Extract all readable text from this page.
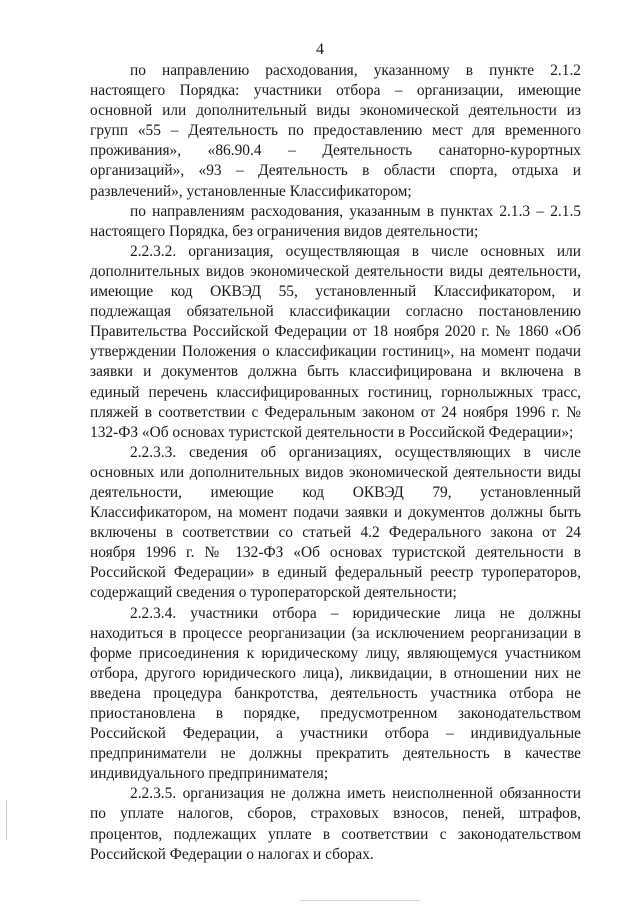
4

по направлению расходования, указанному в пункте 2.1.2 настоящего Порядка: участники отбора – организации, имеющие основной или дополнительный виды экономической деятельности из групп «55 – Деятельность по предоставлению мест для временного проживания», «86.90.4 – Деятельность санаторно-курортных организаций», «93 – Деятельность в области спорта, отдыха и развлечений», установленные Классификатором;

по направлениям расходования, указанным в пунктах 2.1.3 – 2.1.5 настоящего Порядка, без ограничения видов деятельности;

2.2.3.2. организация, осуществляющая в числе основных или дополнительных видов экономической деятельности виды деятельности, имеющие код ОКВЭД 55, установленный Классификатором, и подлежащая обязательной классификации согласно постановлению Правительства Российской Федерации от 18 ноября 2020 г. № 1860 «Об утверждении Положения о классификации гостиниц», на момент подачи заявки и документов должна быть классифицирована и включена в единый перечень классифицированных гостиниц, горнолыжных трасс, пляжей в соответствии с Федеральным законом от 24 ноября 1996 г. № 132-ФЗ «Об основах туристской деятельности в Российской Федерации»;

2.2.3.3. сведения об организациях, осуществляющих в числе основных или дополнительных видов экономической деятельности виды деятельности, имеющие код ОКВЭД 79, установленный Классификатором, на момент подачи заявки и документов должны быть включены в соответствии со статьей 4.2 Федерального закона от 24 ноября 1996 г. № 132-ФЗ «Об основах туристской деятельности в Российской Федерации» в единый федеральный реестр туроператоров, содержащий сведения о туроператорской деятельности;

2.2.3.4. участники отбора – юридические лица не должны находиться в процессе реорганизации (за исключением реорганизации в форме присоединения к юридическому лицу, являющемуся участником отбора, другого юридического лица), ликвидации, в отношении них не введена процедура банкротства, деятельность участника отбора не приостановлена в порядке, предусмотренном законодательством Российской Федерации, а участники отбора – индивидуальные предприниматели не должны прекратить деятельность в качестве индивидуального предпринимателя;

2.2.3.5. организация не должна иметь неисполненной обязанности по уплате налогов, сборов, страховых взносов, пеней, штрафов, процентов, подлежащих уплате в соответствии с законодательством Российской Федерации о налогах и сборах.
